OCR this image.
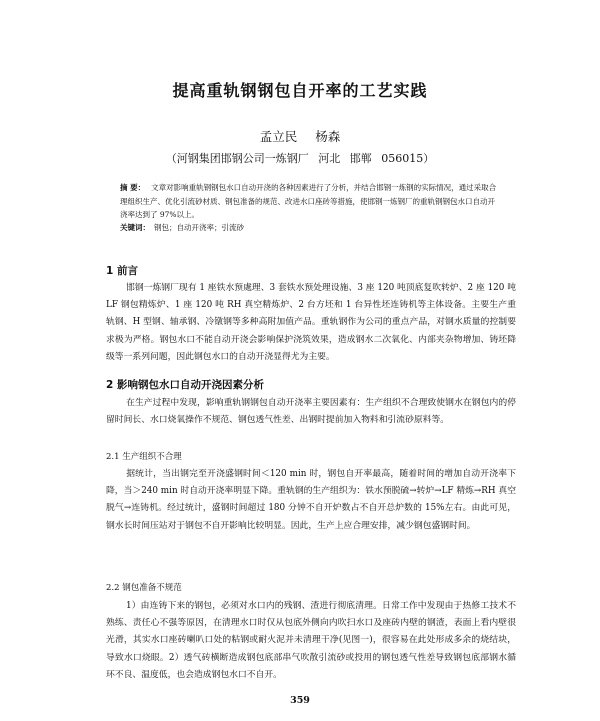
提高重轨钢钢包自开率的工艺实践
孟立民 杨森
（河钢集团邯钢公司一炼钢厂 河北 邯郸 056015）
摘 要： 文章对影响重轨钢钢包水口自动开浇的各种因素进行了分析，并结合邯钢一炼钢的实际情况，通过采取合理组织生产、优化引流砂材质、钢包准备的规范、改进水口座砖等措施，使邯钢一炼钢厂的重轨钢钢包水口自动开浇率达到了 97%以上。
关键词： 钢包；自动开浇率；引流砂
1 前言
邯钢一炼钢厂现有 1 座铁水预處理、3 套铁水预处理设施、3 座 120 吨顶底复吹转炉、2 座 120 吨 LF 钢包精炼炉、1 座 120 吨 RH 真空精炼炉、2 台方坯和 1 台异性坯连铸机等主体设备。主要生产重轨钢、H 型钢、轴承钢、冷镦钢等多种高附加值产品。重轨钢作为公司的重点产品，对钢水质量的控制要求极为严格。钢包水口不能自动开浇会影响保护浇筑效果，造成钢水二次氧化、内部夹杂物增加、铸坯降级等一系列问题，因此钢包水口的自动开浇显得尤为主要。
2 影响钢包水口自动开浇因素分析
在生产过程中发现，影响重轨钢钢包自动开浇率主要因素有：生产组织不合理致使钢水在钢包内的停留时间长、水口烧氧操作不规范、钢包透气性差、出钢时提前加入物料和引流砂原料等。
2.1 生产组织不合理
据统计，当出钢完至开浇盛钢时间＜120 min 时，钢包自开率最高，随着时间的增加自动开浇率下降，当＞240 min 时自动开浇率明显下降。重轨钢的生产组织为：铁水预脱硫→转炉→LF 精炼→RH 真空脱气→连铸机。经过统计，盛钢时间超过 180 分钟不自开炉数占不自开总炉数的 15%左右。由此可见，钢水长时间压站对于钢包不自开影响比较明显。因此，生产上应合理安排，减少钢包盛钢时间。
2.2 钢包准备不规范
1）由连铸下来的钢包，必须对水口内的残钢、渣进行彻底清理。日常工作中发现由于热修工技术不熟练、责任心不强等原因，在清理水口时仅从包底外侧向内吹扫水口及座砖内壁的钢渣，表面上看内壁很光滑，其实水口座砖喇叭口处的粘钢或耐火泥并未清理干净(见图一)，很容易在此处形成多余的烧结块，导致水口烧眼。2）透气砖横断造成钢包底部串气吹散引流砂或投用的钢包透气性差导致钢包底部钢水循环不良、温度低，也会造成钢包水口不自开。
359
